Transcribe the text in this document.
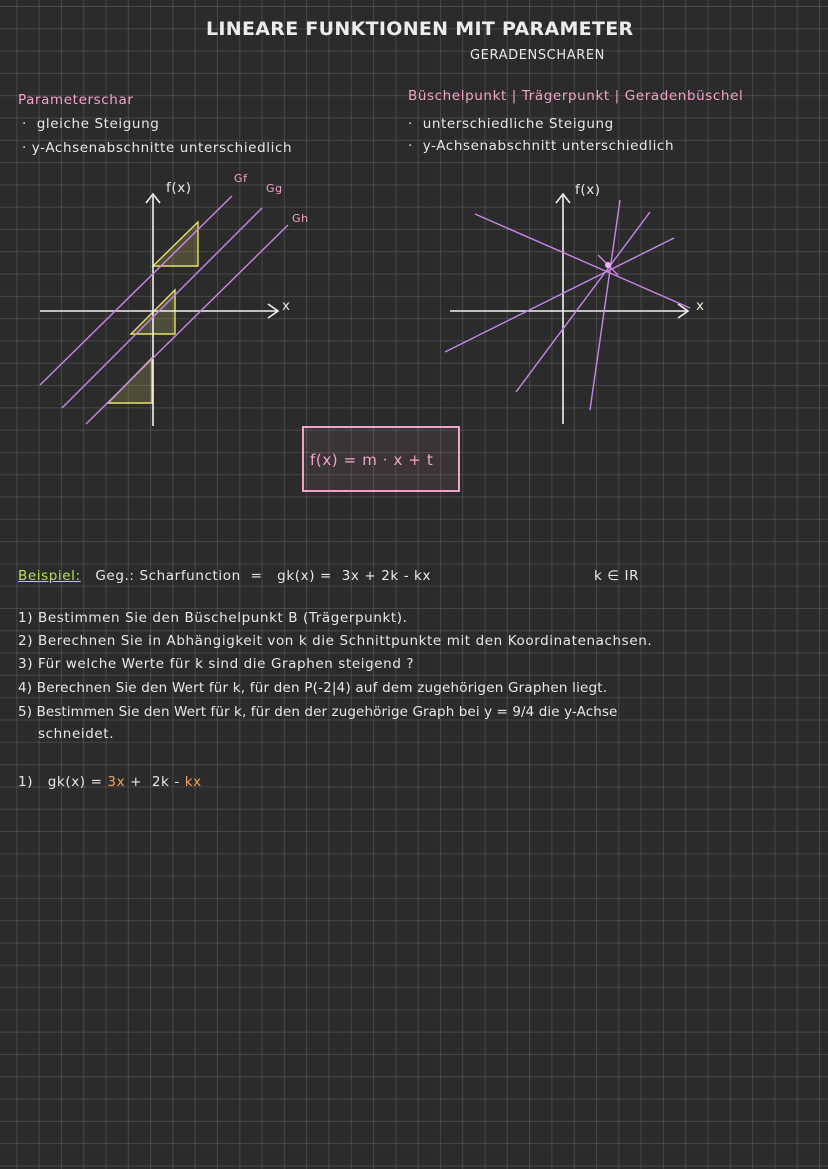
LINEARE FUNKTIONEN MIT PARAMETER
GERADENSCHAREN
Parameterschar
·  gleiche Steigung
· y-Achsenabschnitte unterschiedlich
Büschelpunkt | Trägerpunkt | Geradenbüschel
·  unterschiedliche Steigung
·  y-Achsenabschnitt unterschiedlich
f(x)
x
Gf
Gg
Gh
f(x)
x
f(x) = m · x + t
Beispiel: Geg.: Scharfunction = gk(x) = 3x + 2k - kx	k ∈ IR
1) Bestimmen Sie den Büschelpunkt B (Trägerpunkt).
2) Berechnen Sie in Abhängigkeit von k die Schnittpunkte mit den Koordinatenachsen.
3) Für welche Werte für k sind die Graphen steigend ?
4) Berechnen Sie den Wert für k, für den P(-2|4) auf dem zugehörigen Graphen liegt.
5) Bestimmen Sie den Wert für k, für den der zugehörige Graph bei y = 9/4 die y-Achse
schneidet.
1) gk(x) = 3x + 2k - kx
